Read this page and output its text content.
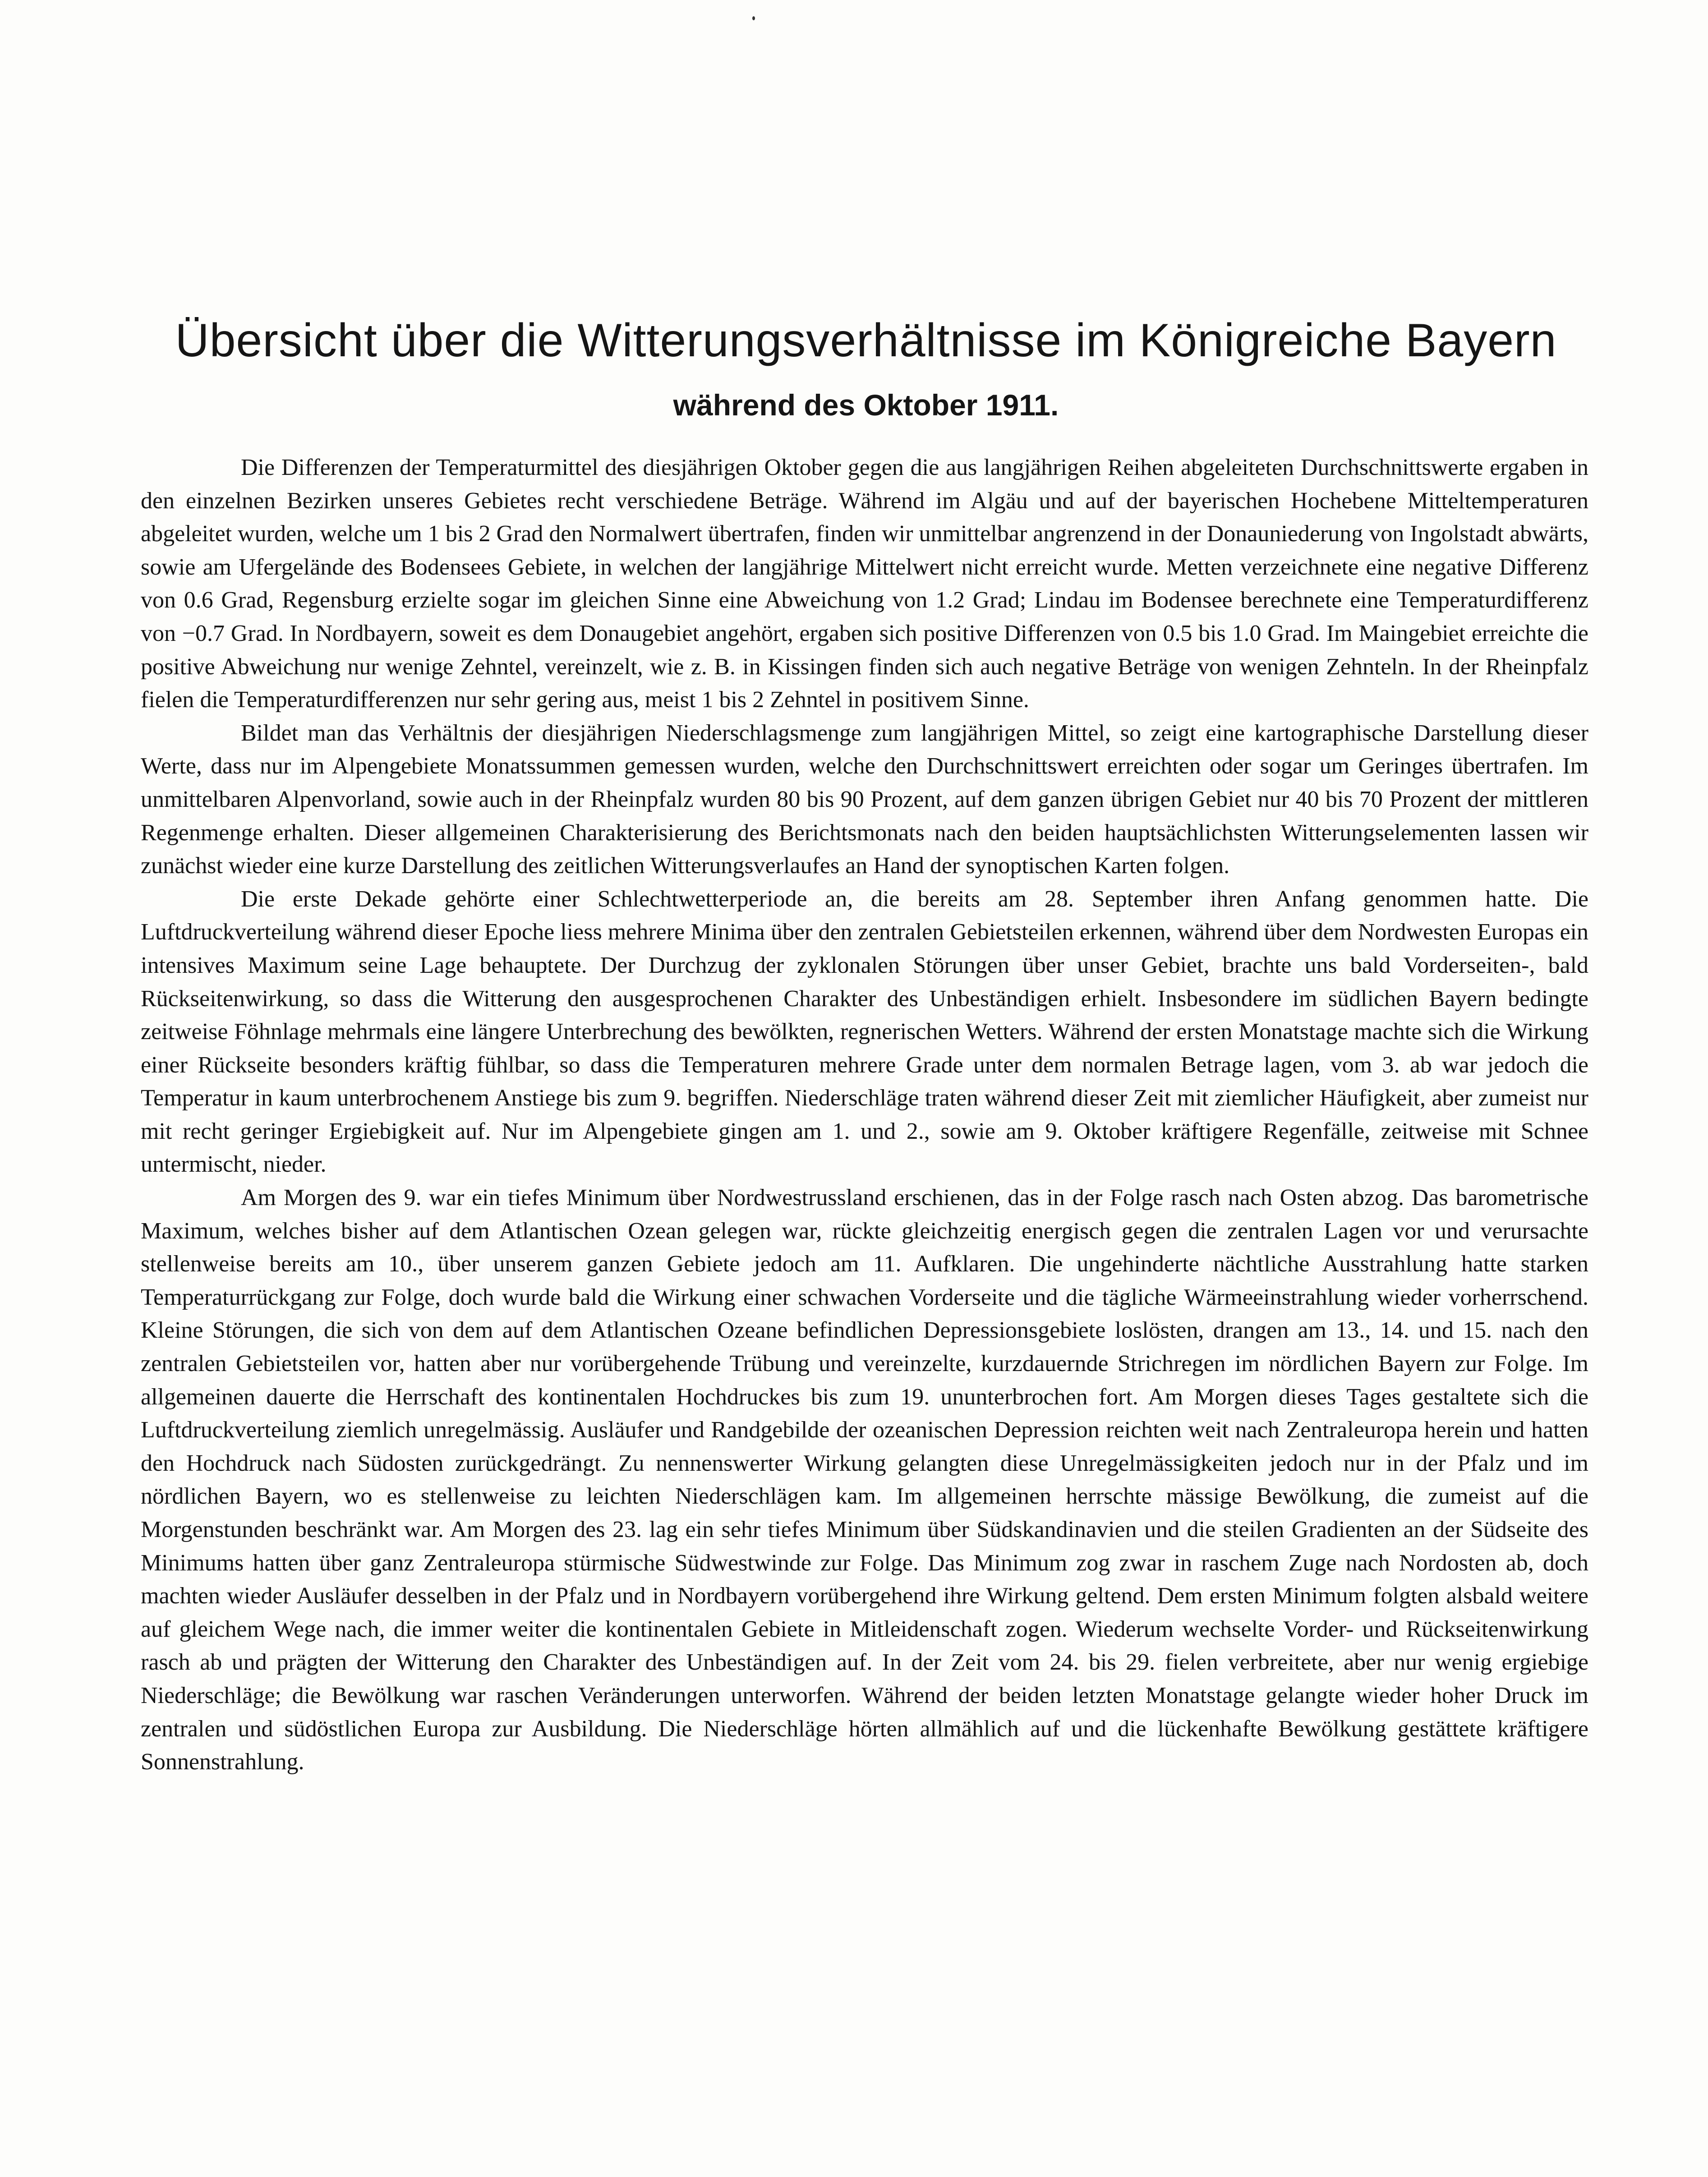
Übersicht über die Witterungsverhältnisse im Königreiche Bayern
während des Oktober 1911.

Die Differenzen der Temperaturmittel des diesjährigen Oktober gegen die aus langjährigen Reihen abgeleiteten Durchschnittswerte ergaben in den einzelnen Bezirken unseres Gebietes recht verschiedene Beträge. Während im Algäu und auf der bayerischen Hochebene Mitteltemperaturen abgeleitet wurden, welche um 1 bis 2 Grad den Normalwert übertrafen, finden wir unmittelbar angrenzend in der Donauniederung von Ingolstadt abwärts, sowie am Ufergelände des Bodensees Gebiete, in welchen der langjährige Mittelwert nicht erreicht wurde. Metten verzeichnete eine negative Differenz von 0.6 Grad, Regensburg erzielte sogar im gleichen Sinne eine Abweichung von 1.2 Grad; Lindau im Bodensee berechnete eine Temperaturdifferenz von −0.7 Grad. In Nordbayern, soweit es dem Donaugebiet angehört, ergaben sich positive Differenzen von 0.5 bis 1.0 Grad. Im Maingebiet erreichte die positive Abweichung nur wenige Zehntel, vereinzelt, wie z. B. in Kissingen finden sich auch negative Beträge von wenigen Zehnteln. In der Rheinpfalz fielen die Temperaturdifferenzen nur sehr gering aus, meist 1 bis 2 Zehntel in positivem Sinne.

Bildet man das Verhältnis der diesjährigen Niederschlagsmenge zum langjährigen Mittel, so zeigt eine kartographische Darstellung dieser Werte, dass nur im Alpengebiete Monatssummen gemessen wurden, welche den Durchschnittswert erreichten oder sogar um Geringes übertrafen. Im unmittelbaren Alpenvorland, sowie auch in der Rheinpfalz wurden 80 bis 90 Prozent, auf dem ganzen übrigen Gebiet nur 40 bis 70 Prozent der mittleren Regenmenge erhalten. Dieser allgemeinen Charakterisierung des Berichtsmonats nach den beiden hauptsächlichsten Witterungselementen lassen wir zunächst wieder eine kurze Darstellung des zeitlichen Witterungsverlaufes an Hand der synoptischen Karten folgen.

Die erste Dekade gehörte einer Schlechtwetterperiode an, die bereits am 28. September ihren Anfang genommen hatte. Die Luftdruckverteilung während dieser Epoche liess mehrere Minima über den zentralen Gebietsteilen erkennen, während über dem Nordwesten Europas ein intensives Maximum seine Lage behauptete. Der Durchzug der zyklonalen Störungen über unser Gebiet, brachte uns bald Vorderseiten-, bald Rückseitenwirkung, so dass die Witterung den ausgesprochenen Charakter des Unbeständigen erhielt. Insbesondere im südlichen Bayern bedingte zeitweise Föhnlage mehrmals eine längere Unterbrechung des bewölkten, regnerischen Wetters. Während der ersten Monatstage machte sich die Wirkung einer Rückseite besonders kräftig fühlbar, so dass die Temperaturen mehrere Grade unter dem normalen Betrage lagen, vom 3. ab war jedoch die Temperatur in kaum unterbrochenem Anstiege bis zum 9. begriffen. Niederschläge traten während dieser Zeit mit ziemlicher Häufigkeit, aber zumeist nur mit recht geringer Ergiebigkeit auf. Nur im Alpengebiete gingen am 1. und 2., sowie am 9. Oktober kräftigere Regenfälle, zeitweise mit Schnee untermischt, nieder.

Am Morgen des 9. war ein tiefes Minimum über Nordwestrussland erschienen, das in der Folge rasch nach Osten abzog. Das barometrische Maximum, welches bisher auf dem Atlantischen Ozean gelegen war, rückte gleichzeitig energisch gegen die zentralen Lagen vor und verursachte stellenweise bereits am 10., über unserem ganzen Gebiete jedoch am 11. Aufklaren. Die ungehinderte nächtliche Ausstrahlung hatte starken Temperaturrückgang zur Folge, doch wurde bald die Wirkung einer schwachen Vorderseite und die tägliche Wärmeeinstrahlung wieder vorherrschend. Kleine Störungen, die sich von dem auf dem Atlantischen Ozeane befindlichen Depressionsgebiete loslösten, drangen am 13., 14. und 15. nach den zentralen Gebietsteilen vor, hatten aber nur vorübergehende Trübung und vereinzelte, kurzdauernde Strichregen im nördlichen Bayern zur Folge. Im allgemeinen dauerte die Herrschaft des kontinentalen Hochdruckes bis zum 19. ununterbrochen fort. Am Morgen dieses Tages gestaltete sich die Luftdruckverteilung ziemlich unregelmässig. Ausläufer und Randgebilde der ozeanischen Depression reichten weit nach Zentraleuropa herein und hatten den Hochdruck nach Südosten zurückgedrängt. Zu nennenswerter Wirkung gelangten diese Unregelmässigkeiten jedoch nur in der Pfalz und im nördlichen Bayern, wo es stellenweise zu leichten Niederschlägen kam. Im allgemeinen herrschte mässige Bewölkung, die zumeist auf die Morgenstunden beschränkt war. Am Morgen des 23. lag ein sehr tiefes Minimum über Südskandinavien und die steilen Gradienten an der Südseite des Minimums hatten über ganz Zentraleuropa stürmische Südwestwinde zur Folge. Das Minimum zog zwar in raschem Zuge nach Nordosten ab, doch machten wieder Ausläufer desselben in der Pfalz und in Nordbayern vorübergehend ihre Wirkung geltend. Dem ersten Minimum folgten alsbald weitere auf gleichem Wege nach, die immer weiter die kontinentalen Gebiete in Mitleidenschaft zogen. Wiederum wechselte Vorder- und Rückseitenwirkung rasch ab und prägten der Witterung den Charakter des Unbeständigen auf. In der Zeit vom 24. bis 29. fielen verbreitete, aber nur wenig ergiebige Niederschläge; die Bewölkung war raschen Veränderungen unterworfen. Während der beiden letzten Monatstage gelangte wieder hoher Druck im zentralen und südöstlichen Europa zur Ausbildung. Die Niederschläge hörten allmählich auf und die lückenhafte Bewölkung gestättete kräftigere Sonnenstrahlung.
